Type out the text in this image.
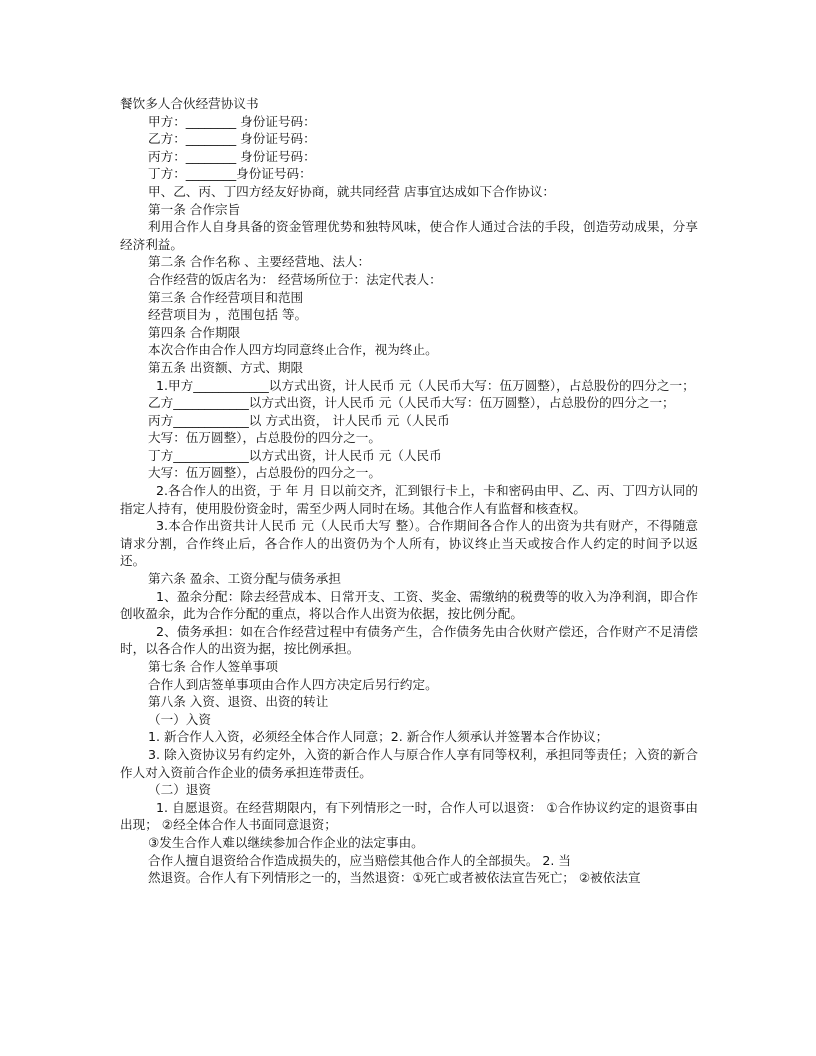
餐饮多人合伙经营协议书
甲方：________ 身份证号码：
乙方：________ 身份证号码：
丙方：________ 身份证号码：
丁方：________身份证号码：
甲、乙、丙、丁四方经友好协商，就共同经营 店事宜达成如下合作协议：
第一条 合作宗旨
利用合作人自身具备的资金管理优势和独特风味，使合作人通过合法的手段，创造劳动成果，分享经济利益。
第二条 合作名称 、主要经营地、法人：
合作经营的饭店名为： 经营场所位于：法定代表人：
第三条 合作经营项目和范围
经营项目为 ，范围包括 等。
第四条 合作期限
本次合作由合作人四方均同意终止合作，视为终止。
第五条 出资额、方式、期限
1.甲方____________以方式出资，计人民币 元（人民币大写：伍万圆整），占总股份的四分之一；
乙方____________以方式出资，计人民币 元（人民币大写：伍万圆整），占总股份的四分之一；
丙方____________以 方式出资， 计人民币 元（人民币
大写：伍万圆整），占总股份的四分之一。
丁方____________以方式出资，计人民币 元（人民币
大写：伍万圆整），占总股份的四分之一。
2.各合作人的出资，于 年 月 日以前交齐，汇到银行卡上，卡和密码由甲、乙、丙、丁四方认同的指定人持有，使用股份资金时，需至少两人同时在场。其他合作人有监督和核查权。
3.本合作出资共计人民币 元（人民币大写 整）。合作期间各合作人的出资为共有财产，不得随意请求分割，合作终止后，各合作人的出资仍为个人所有，协议终止当天或按合作人约定的时间予以返还。
第六条 盈余、工资分配与债务承担
1、盈余分配：除去经营成本、日常开支、工资、奖金、需缴纳的税费等的收入为净利润，即合作创收盈余，此为合作分配的重点，将以合作人出资为依据，按比例分配。
2、债务承担：如在合作经营过程中有债务产生，合作债务先由合伙财产偿还，合作财产不足清偿时，以各合作人的出资为据，按比例承担。
第七条 合作人签单事项
合作人到店签单事项由合作人四方决定后另行约定。
第八条 入资、退资、出资的转让
（一）入资
1. 新合作人入资，必须经全体合作人同意；2. 新合作人须承认并签署本合作协议；
3. 除入资协议另有约定外，入资的新合作人与原合作人享有同等权利，承担同等责任；入资的新合作人对入资前合作企业的债务承担连带责任。
（二）退资
1. 自愿退资。在经营期限内，有下列情形之一时，合作人可以退资： ①合作协议约定的退资事由出现； ②经全体合作人书面同意退资；
③发生合作人难以继续参加合作企业的法定事由。
合作人擅自退资给合作造成损失的，应当赔偿其他合作人的全部损失。 2. 当
然退资。合作人有下列情形之一的，当然退资：①死亡或者被依法宣告死亡； ②被依法宣
